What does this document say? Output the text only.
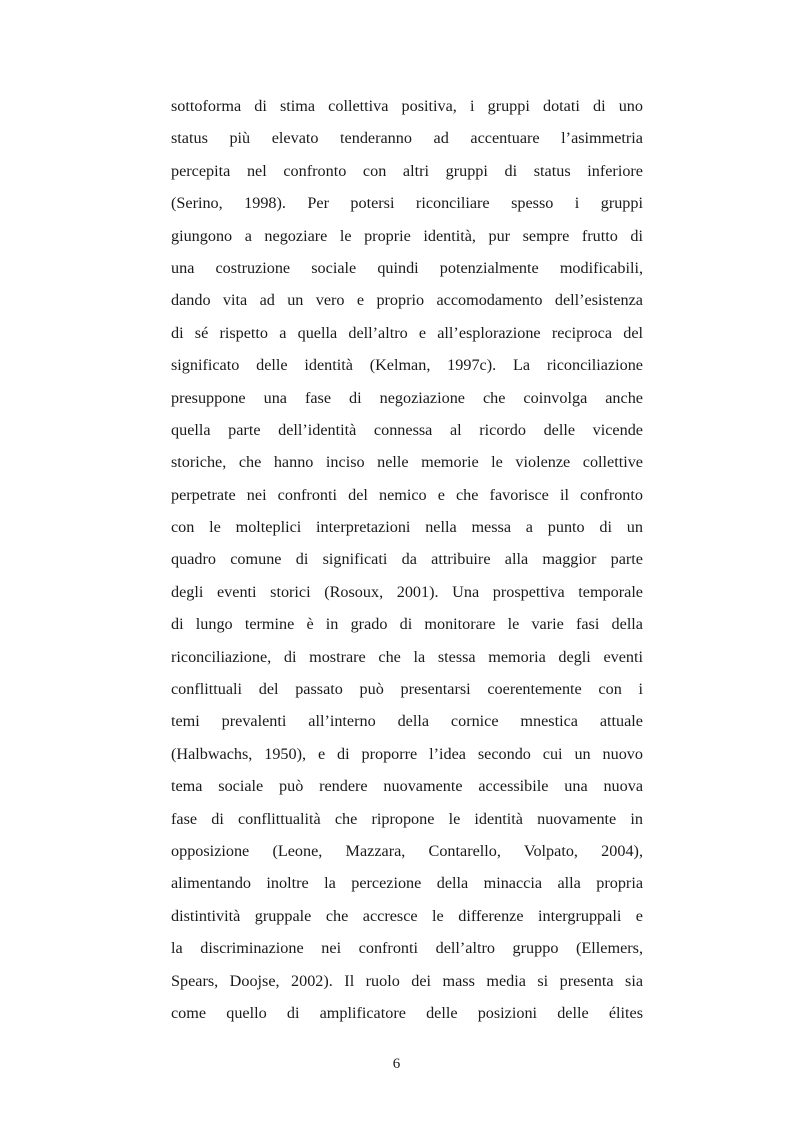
sottoforma di stima collettiva positiva, i gruppi dotati di uno
status più elevato tenderanno ad accentuare l’asimmetria
percepita nel confronto con altri gruppi di status inferiore
(Serino, 1998). Per potersi riconciliare spesso i gruppi
giungono a negoziare le proprie identità, pur sempre frutto di
una costruzione sociale quindi potenzialmente modificabili,
dando vita ad un vero e proprio accomodamento dell’esistenza
di sé rispetto a quella dell’altro e all’esplorazione reciproca del
significato delle identità (Kelman, 1997c). La riconciliazione
presuppone una fase di negoziazione che coinvolga anche
quella parte dell’identità connessa al ricordo delle vicende
storiche, che hanno inciso nelle memorie le violenze collettive
perpetrate nei confronti del nemico e che favorisce il confronto
con le molteplici interpretazioni nella messa a punto di un
quadro comune di significati da attribuire alla maggior parte
degli eventi storici (Rosoux, 2001). Una prospettiva temporale
di lungo termine è in grado di monitorare le varie fasi della
riconciliazione, di mostrare che la stessa memoria degli eventi
conflittuali del passato può presentarsi coerentemente con i
temi prevalenti all’interno della cornice mnestica attuale
(Halbwachs, 1950), e di proporre l’idea secondo cui un nuovo
tema sociale può rendere nuovamente accessibile una nuova
fase di conflittualità che ripropone le identità nuovamente in
opposizione (Leone, Mazzara, Contarello, Volpato, 2004),
alimentando inoltre la percezione della minaccia alla propria
distintività gruppale che accresce le differenze intergruppali e
la discriminazione nei confronti dell’altro gruppo (Ellemers,
Spears, Doojse, 2002). Il ruolo dei mass media si presenta sia
come quello di amplificatore delle posizioni delle élites
6
